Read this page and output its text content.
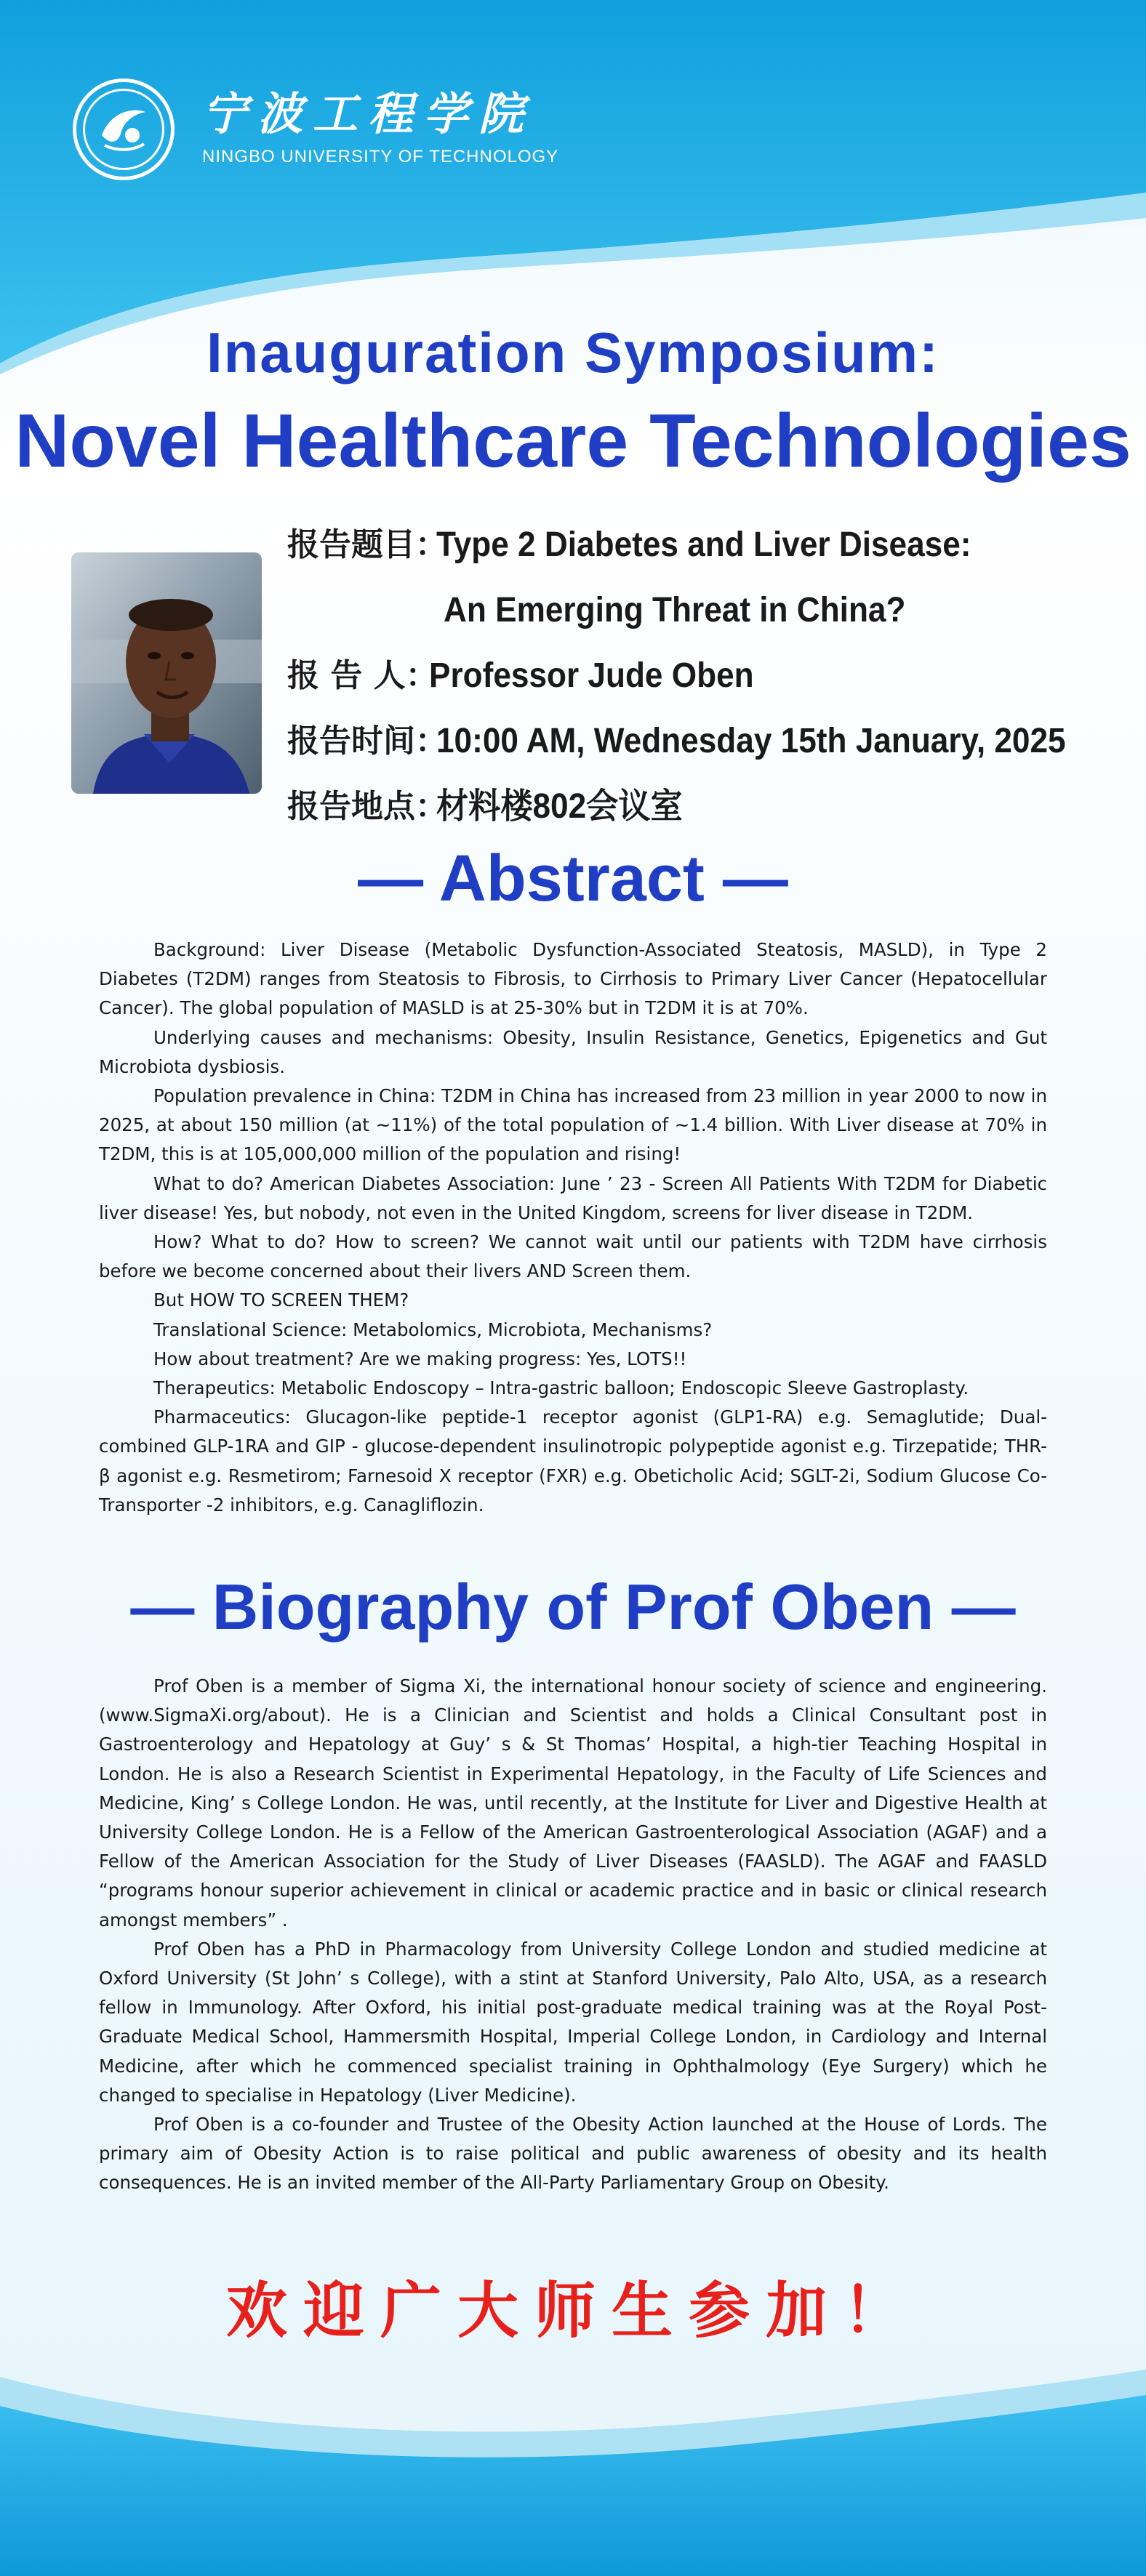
宁波工程学院
NINGBO UNIVERSITY OF TECHNOLOGY
Inauguration Symposium:
Novel Healthcare Technologies
报告题目：
Type 2 Diabetes and Liver Disease:
An Emerging Threat in China?
报 告 人：
Professor Jude Oben
报告时间：
10:00 AM, Wednesday 15th January, 2025
报告地点：
材料楼802会议室
— Abstract —

Background: Liver Disease (Metabolic Dysfunction-Associated Steatosis, MASLD), in Type 2 Diabetes (T2DM) ranges from Steatosis to Fibrosis, to Cirrhosis to Primary Liver Cancer (Hepatocellular Cancer). The global population of MASLD is at 25-30% but in T2DM it is at 70%.

Underlying causes and mechanisms: Obesity, Insulin Resistance, Genetics, Epigenetics and Gut Microbiota dysbiosis.

Population prevalence in China: T2DM in China has increased from 23 million in year 2000 to now in 2025, at about 150 million (at ~11%) of the total population of ~1.4 billion. With Liver disease at 70% in T2DM, this is at 105,000,000 million of the population and rising!

What to do? American Diabetes Association: June ’ 23 - Screen All Patients With T2DM for Diabetic liver disease! Yes, but nobody, not even in the United Kingdom, screens for liver disease in T2DM.

How? What to do? How to screen? We cannot wait until our patients with T2DM have cirrhosis before we become concerned about their livers AND Screen them.

But HOW TO SCREEN THEM?

Translational Science: Metabolomics, Microbiota, Mechanisms?

How about treatment? Are we making progress: Yes, LOTS!!

Therapeutics: Metabolic Endoscopy – Intra-gastric balloon; Endoscopic Sleeve Gastroplasty.

Pharmaceutics: Glucagon-like peptide-1 receptor agonist (GLP1-RA) e.g. Semaglutide; Dual-combined GLP-1RA and GIP - glucose-dependent insulinotropic polypeptide agonist e.g. Tirzepatide; THR-β agonist e.g. Resmetirom; Farnesoid X receptor (FXR) e.g. Obeticholic Acid; SGLT-2i, Sodium Glucose Co-Transporter -2 inhibitors, e.g. Canagliflozin.

— Biography of Prof Oben —

Prof Oben is a member of Sigma Xi, the international honour society of science and engineering. (www.SigmaXi.org/about). He is a Clinician and Scientist and holds a Clinical Consultant post in Gastroenterology and Hepatology at Guy’ s & St Thomas’ Hospital, a high-tier Teaching Hospital in London. He is also a Research Scientist in Experimental Hepatology, in the Faculty of Life Sciences and Medicine, King’ s College London. He was, until recently, at the Institute for Liver and Digestive Health at University College London. He is a Fellow of the American Gastroenterological Association (AGAF) and a Fellow of the American Association for the Study of Liver Diseases (FAASLD). The AGAF and FAASLD “programs honour superior achievement in clinical or academic practice and in basic or clinical research amongst members” .

Prof Oben has a PhD in Pharmacology from University College London and studied medicine at Oxford University (St John’ s College), with a stint at Stanford University, Palo Alto, USA, as a research fellow in Immunology. After Oxford, his initial post-graduate medical training was at the Royal Post-Graduate Medical School, Hammersmith Hospital, Imperial College London, in Cardiology and Internal Medicine, after which he commenced specialist training in Ophthalmology (Eye Surgery) which he changed to specialise in Hepatology (Liver Medicine).

Prof Oben is a co-founder and Trustee of the Obesity Action launched at the House of Lords. The primary aim of Obesity Action is to raise political and public awareness of obesity and its health consequences. He is an invited member of the All-Party Parliamentary Group on Obesity.

欢迎广大师生参加！
